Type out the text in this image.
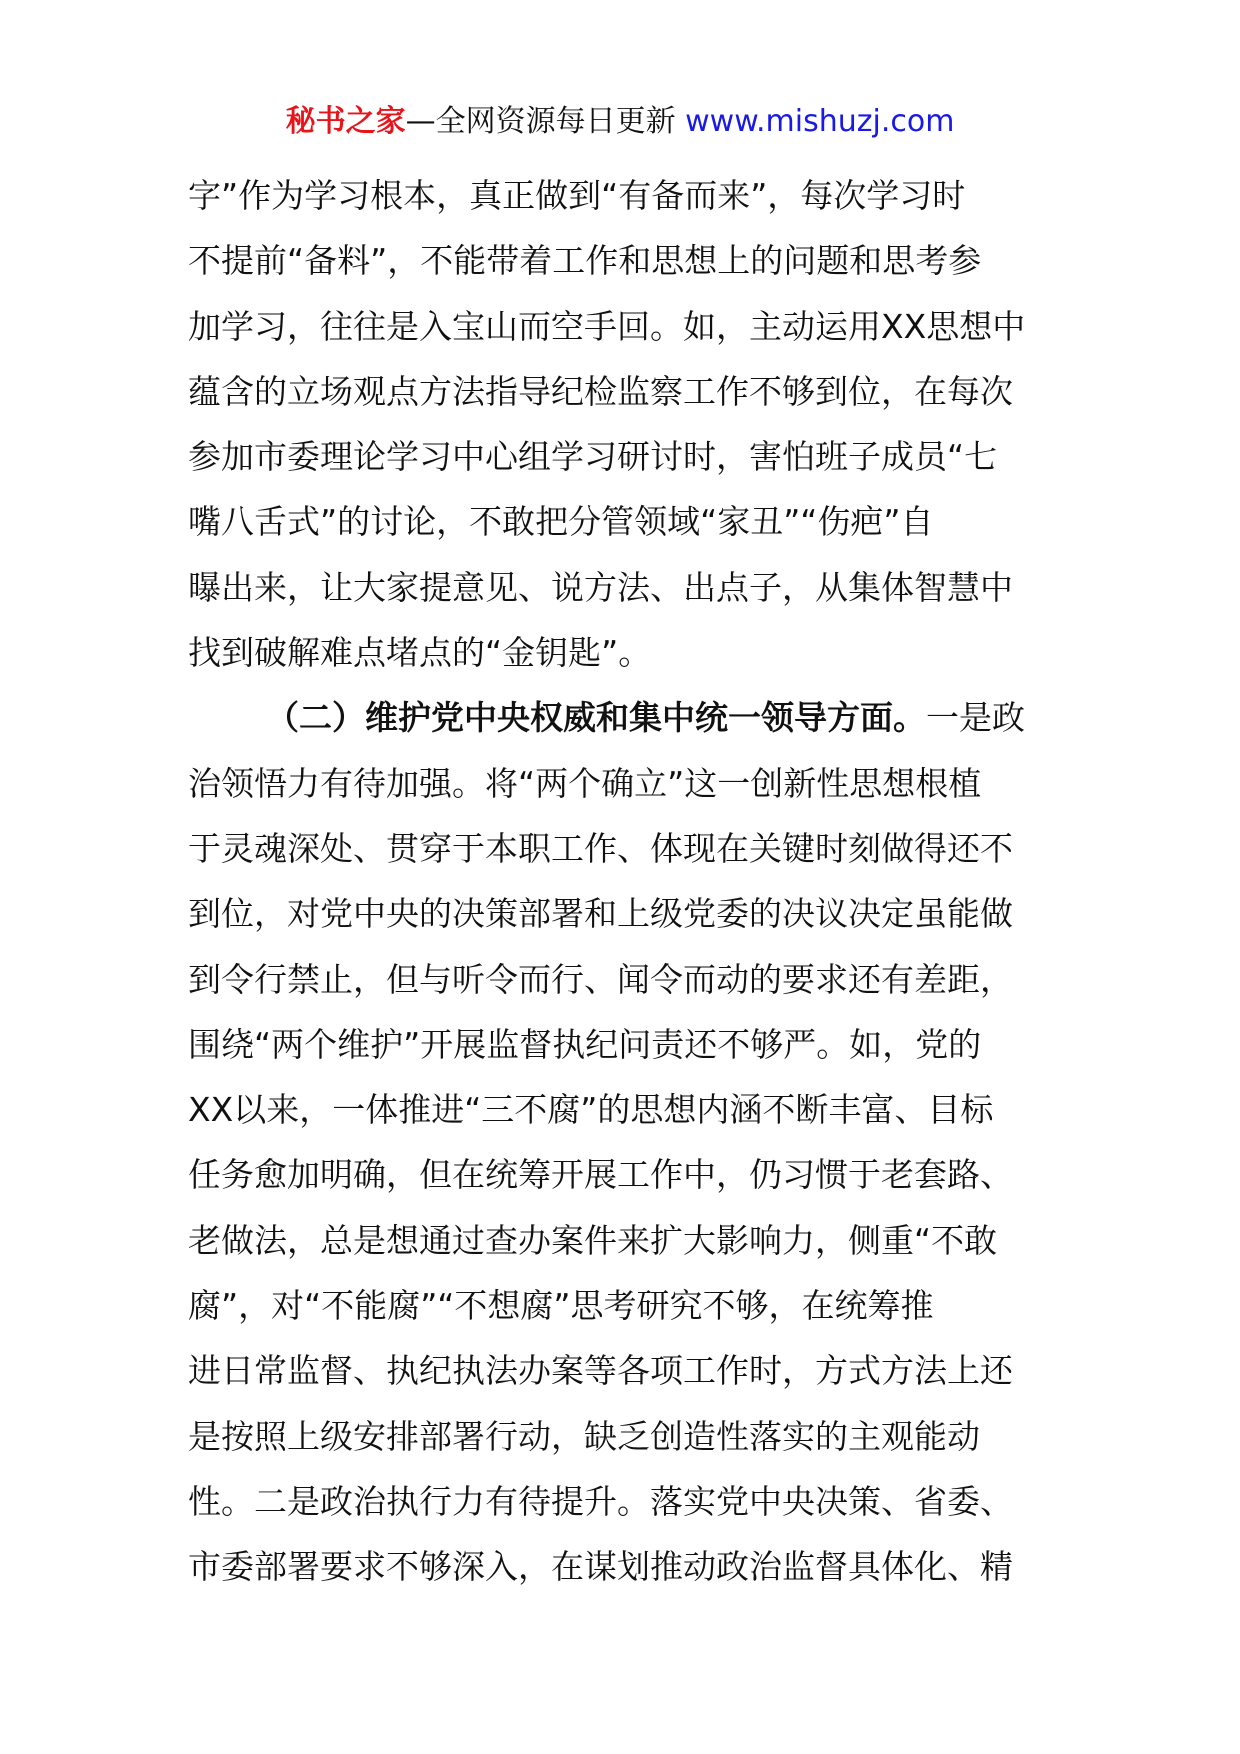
秘书之家—全网资源每日更新 www.mishuzj.com
字”作为学习根本，真正做到“有备而来”，每次学习时
不提前“备料”，不能带着工作和思想上的问题和思考参
加学习，往往是入宝山而空手回。如，主动运用XX思想中
蕴含的立场观点方法指导纪检监察工作不够到位，在每次
参加市委理论学习中心组学习研讨时，害怕班子成员“七
嘴八舌式”的讨论，不敢把分管领域“家丑”“伤疤”自
曝出来，让大家提意见、说方法、出点子，从集体智慧中
找到破解难点堵点的“金钥匙”。
（二）维护党中央权威和集中统一领导方面。一是政
治领悟力有待加强。将“两个确立”这一创新性思想根植
于灵魂深处、贯穿于本职工作、体现在关键时刻做得还不
到位，对党中央的决策部署和上级党委的决议决定虽能做
到令行禁止，但与听令而行、闻令而动的要求还有差距，
围绕“两个维护”开展监督执纪问责还不够严。如，党的
XX以来，一体推进“三不腐”的思想内涵不断丰富、目标
任务愈加明确，但在统筹开展工作中，仍习惯于老套路、
老做法，总是想通过查办案件来扩大影响力，侧重“不敢
腐”，对“不能腐”“不想腐”思考研究不够，在统筹推
进日常监督、执纪执法办案等各项工作时，方式方法上还
是按照上级安排部署行动，缺乏创造性落实的主观能动
性。二是政治执行力有待提升。落实党中央决策、省委、
市委部署要求不够深入，在谋划推动政治监督具体化、精
